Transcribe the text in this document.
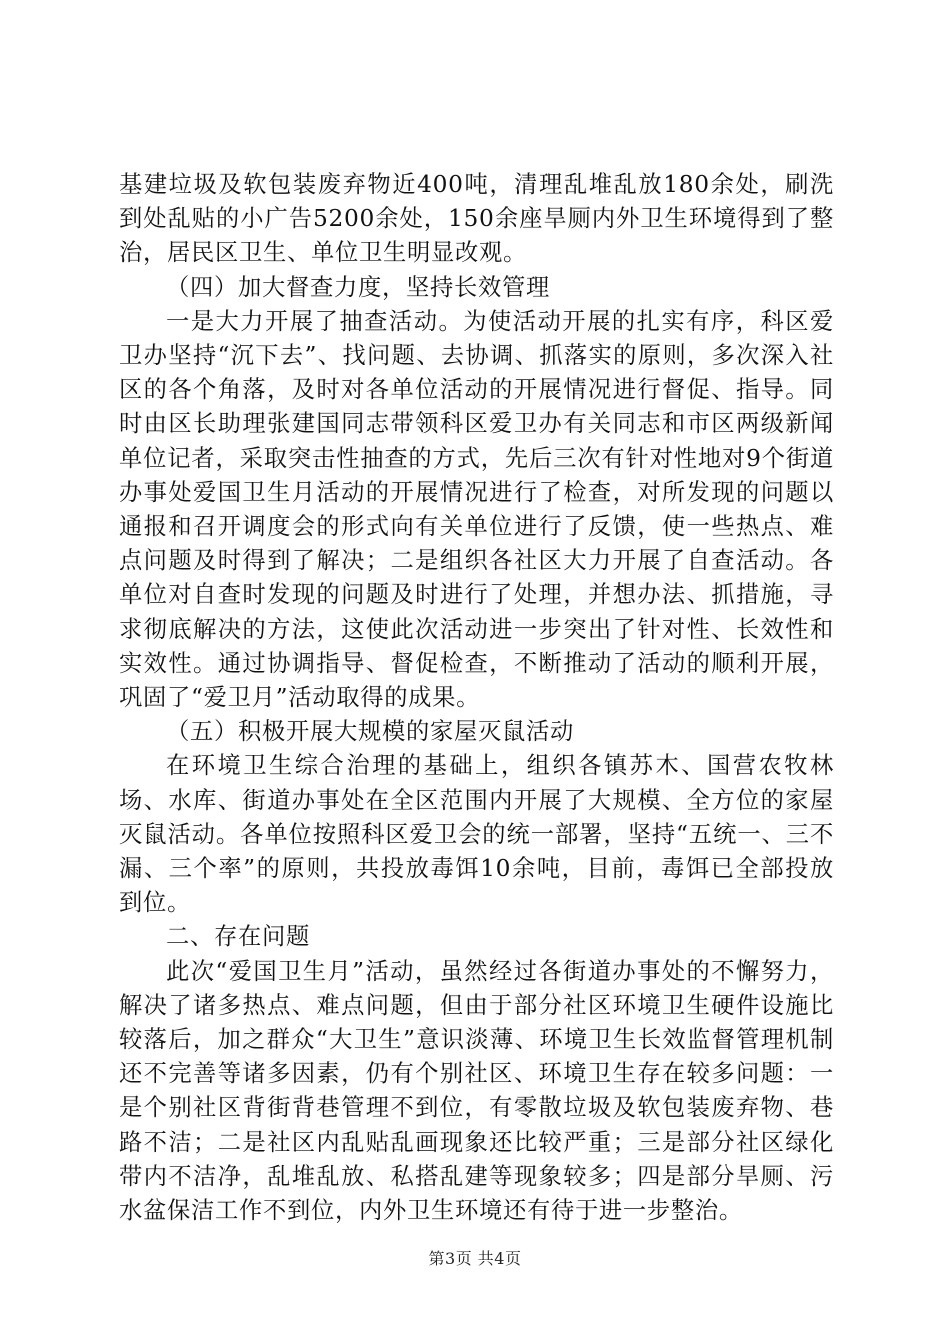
基建垃圾及软包装废弃物近400吨，清理乱堆乱放180余处，刷洗到处乱贴的小广告5200余处，150余座旱厕内外卫生环境得到了整治，居民区卫生、单位卫生明显改观。

（四）加大督查力度，坚持长效管理

一是大力开展了抽查活动。为使活动开展的扎实有序，科区爱卫办坚持“沉下去”、找问题、去协调、抓落实的原则，多次深入社区的各个角落，及时对各单位活动的开展情况进行督促、指导。同时由区长助理张建国同志带领科区爱卫办有关同志和市区两级新闻单位记者，采取突击性抽查的方式，先后三次有针对性地对9个街道办事处爱国卫生月活动的开展情况进行了检查，对所发现的问题以通报和召开调度会的形式向有关单位进行了反馈，使一些热点、难点问题及时得到了解决；二是组织各社区大力开展了自查活动。各单位对自查时发现的问题及时进行了处理，并想办法、抓措施，寻求彻底解决的方法，这使此次活动进一步突出了针对性、长效性和实效性。通过协调指导、督促检查，不断推动了活动的顺利开展，巩固了“爱卫月”活动取得的成果。

（五）积极开展大规模的家屋灭鼠活动

在环境卫生综合治理的基础上，组织各镇苏木、国营农牧林场、水库、街道办事处在全区范围内开展了大规模、全方位的家屋灭鼠活动。各单位按照科区爱卫会的统一部署，坚持“五统一、三不漏、三个率”的原则，共投放毒饵10余吨，目前，毒饵已全部投放到位。

二、存在问题

此次“爱国卫生月”活动，虽然经过各街道办事处的不懈努力，解决了诸多热点、难点问题，但由于部分社区环境卫生硬件设施比较落后，加之群众“大卫生”意识淡薄、环境卫生长效监督管理机制还不完善等诸多因素，仍有个别社区、环境卫生存在较多问题：一是个别社区背街背巷管理不到位，有零散垃圾及软包装废弃物、巷路不洁；二是社区内乱贴乱画现象还比较严重；三是部分社区绿化带内不洁净，乱堆乱放、私搭乱建等现象较多；四是部分旱厕、污水盆保洁工作不到位，内外卫生环境还有待于进一步整治。

第3页 共4页
